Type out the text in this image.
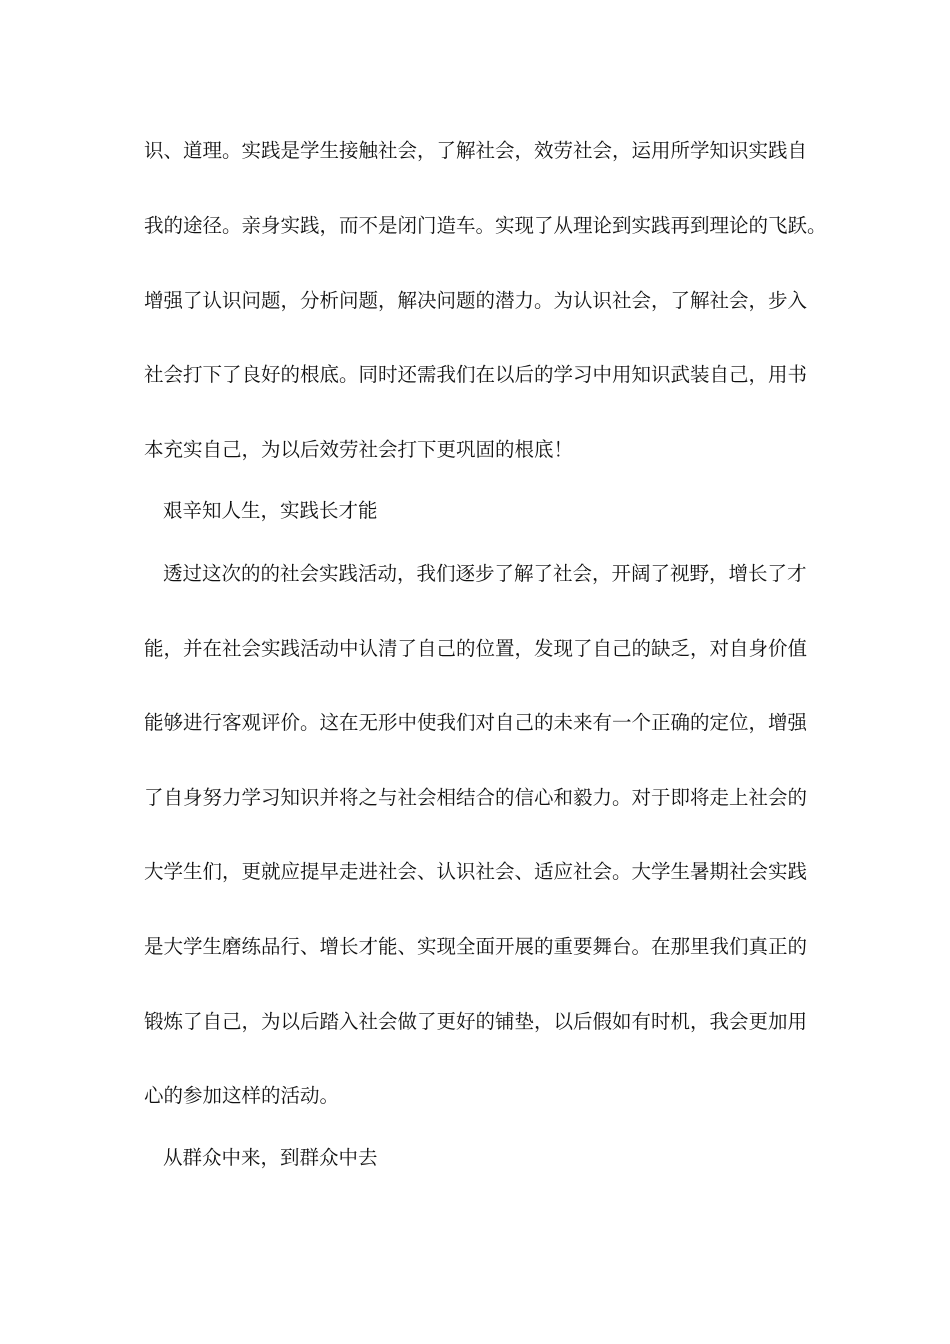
识、道理。实践是学生接触社会，了解社会，效劳社会，运用所学知识实践自
我的途径。亲身实践，而不是闭门造车。实现了从理论到实践再到理论的飞跃。
增强了认识问题，分析问题，解决问题的潜力。为认识社会，了解社会，步入
社会打下了良好的根底。同时还需我们在以后的学习中用知识武装自己，用书
本充实自己，为以后效劳社会打下更巩固的根底！
艰辛知人生，实践长才能
透过这次的的社会实践活动，我们逐步了解了社会，开阔了视野，增长了才
能，并在社会实践活动中认清了自己的位置，发现了自己的缺乏，对自身价值
能够进行客观评价。这在无形中使我们对自己的未来有一个正确的定位，增强
了自身努力学习知识并将之与社会相结合的信心和毅力。对于即将走上社会的
大学生们，更就应提早走进社会、认识社会、适应社会。大学生暑期社会实践
是大学生磨练品行、增长才能、实现全面开展的重要舞台。在那里我们真正的
锻炼了自己，为以后踏入社会做了更好的铺垫，以后假如有时机，我会更加用
心的参加这样的活动。
从群众中来，到群众中去
